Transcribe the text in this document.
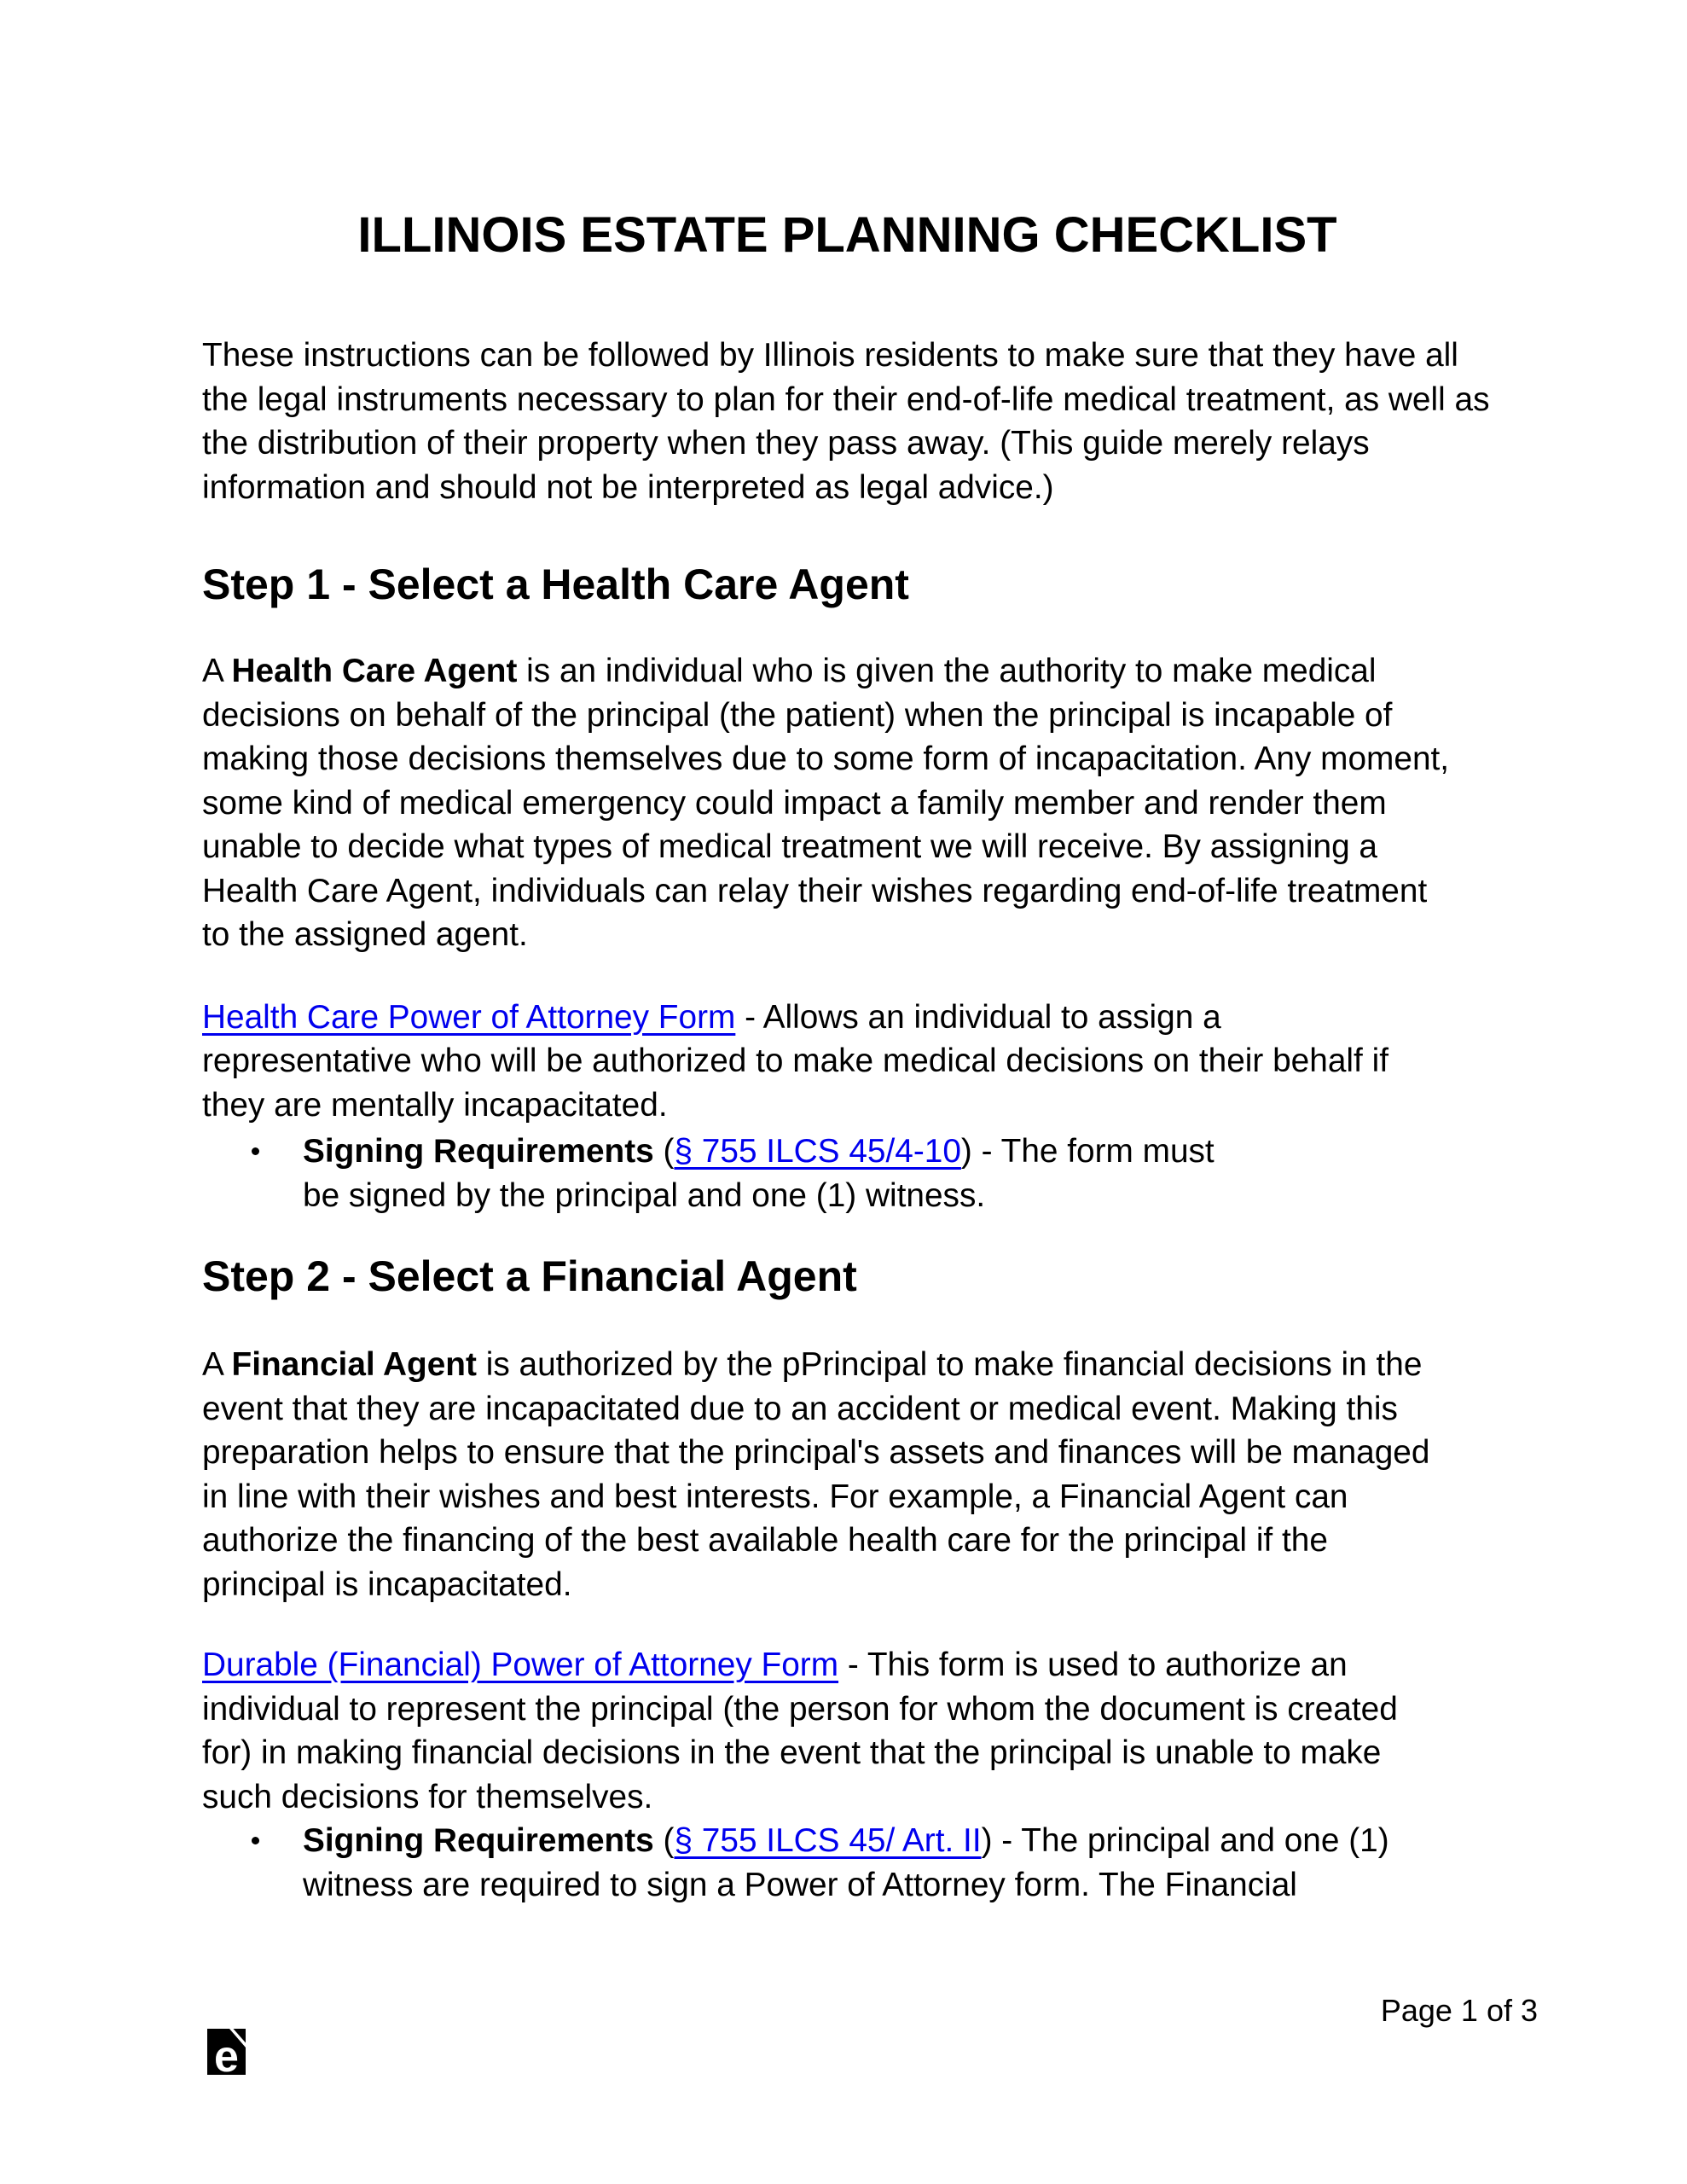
ILLINOIS ESTATE PLANNING CHECKLIST

These instructions can be followed by Illinois residents to make sure that they have all the legal instruments necessary to plan for their end-of-life medical treatment, as well as the distribution of their property when they pass away. (This guide merely relays information and should not be interpreted as legal advice.)

Step 1 - Select a Health Care Agent

A Health Care Agent is an individual who is given the authority to make medical decisions on behalf of the principal (the patient) when the principal is incapable of making those decisions themselves due to some form of incapacitation. Any moment, some kind of medical emergency could impact a family member and render them unable to decide what types of medical treatment we will receive. By assigning a Health Care Agent, individuals can relay their wishes regarding end-of-life treatment to the assigned agent.

Health Care Power of Attorney Form - Allows an individual to assign a representative who will be authorized to make medical decisions on their behalf if they are mentally incapacitated.

Signing Requirements (§ 755 ILCS 45/4-10) - The form must be signed by the principal and one (1) witness.

Step 2 - Select a Financial Agent

A Financial Agent is authorized by the pPrincipal to make financial decisions in the event that they are incapacitated due to an accident or medical event. Making this preparation helps to ensure that the principal's assets and finances will be managed in line with their wishes and best interests. For example, a Financial Agent can authorize the financing of the best available health care for the principal if the principal is incapacitated.

Durable (Financial) Power of Attorney Form - This form is used to authorize an individual to represent the principal (the person for whom the document is created for) in making financial decisions in the event that the principal is unable to make such decisions for themselves.

Signing Requirements (§ 755 ILCS 45/ Art. II) - The principal and one (1) witness are required to sign a Power of Attorney form. The Financial

Page 1 of 3
e
